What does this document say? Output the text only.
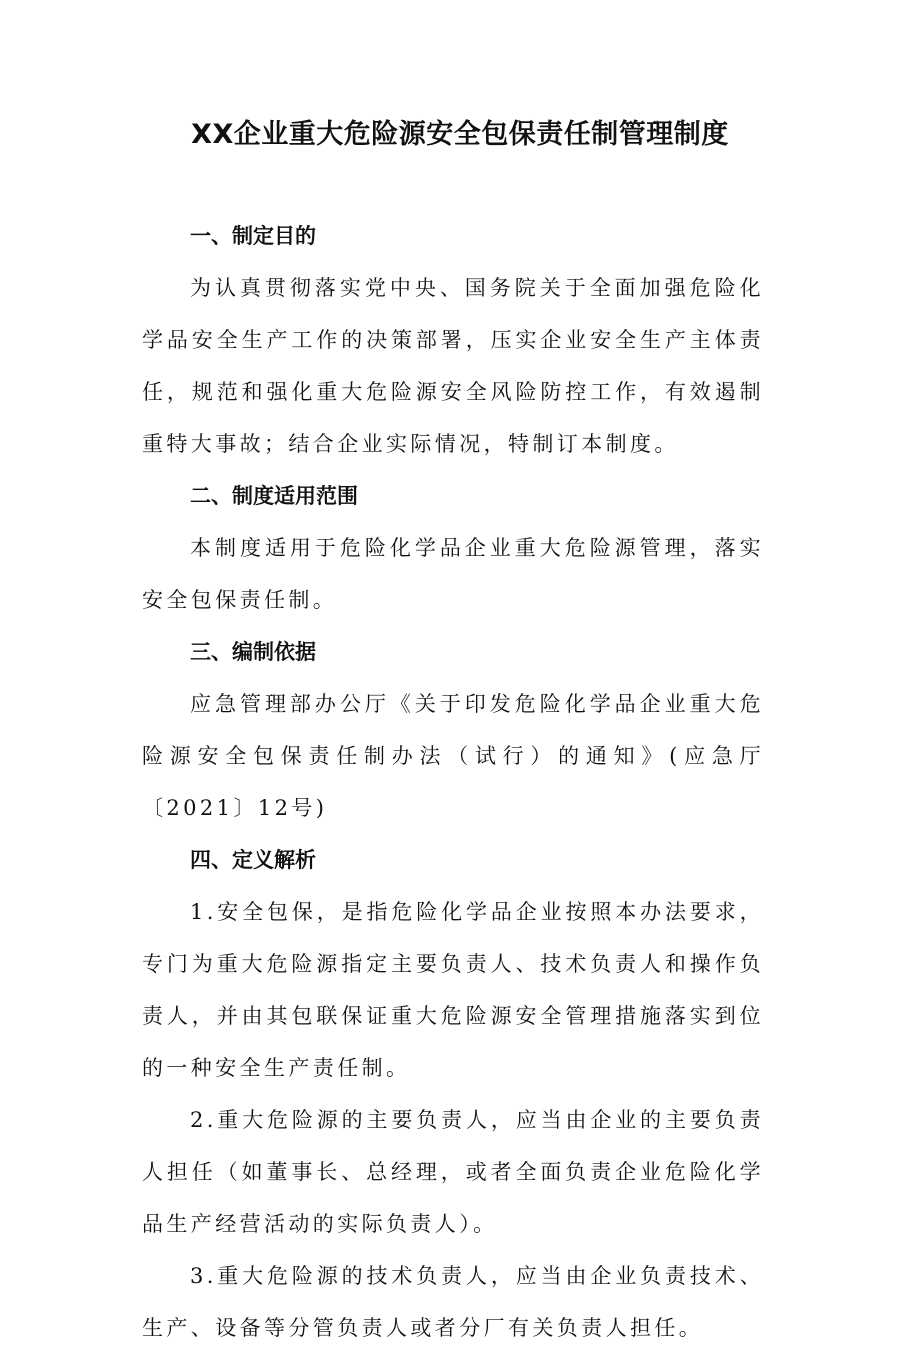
XX企业重大危险源安全包保责任制管理制度

一、制定目的

为认真贯彻落实党中央、国务院关于全面加强危险化学品安全生产工作的决策部署，压实企业安全生产主体责任，规范和强化重大危险源安全风险防控工作，有效遏制重特大事故；结合企业实际情况，特制订本制度。

二、制度适用范围

本制度适用于危险化学品企业重大危险源管理，落实安全包保责任制。

三、编制依据

应急管理部办公厅《关于印发危险化学品企业重大危险源安全包保责任制办法（试行）的通知》(应急厅〔2021〕12号)

四、定义解析

1.安全包保，是指危险化学品企业按照本办法要求，专门为重大危险源指定主要负责人、技术负责人和操作负责人，并由其包联保证重大危险源安全管理措施落实到位的一种安全生产责任制。

2.重大危险源的主要负责人，应当由企业的主要负责人担任（如董事长、总经理，或者全面负责企业危险化学品生产经营活动的实际负责人）。

3.重大危险源的技术负责人，应当由企业负责技术、生产、设备等分管负责人或者分厂有关负责人担任。
